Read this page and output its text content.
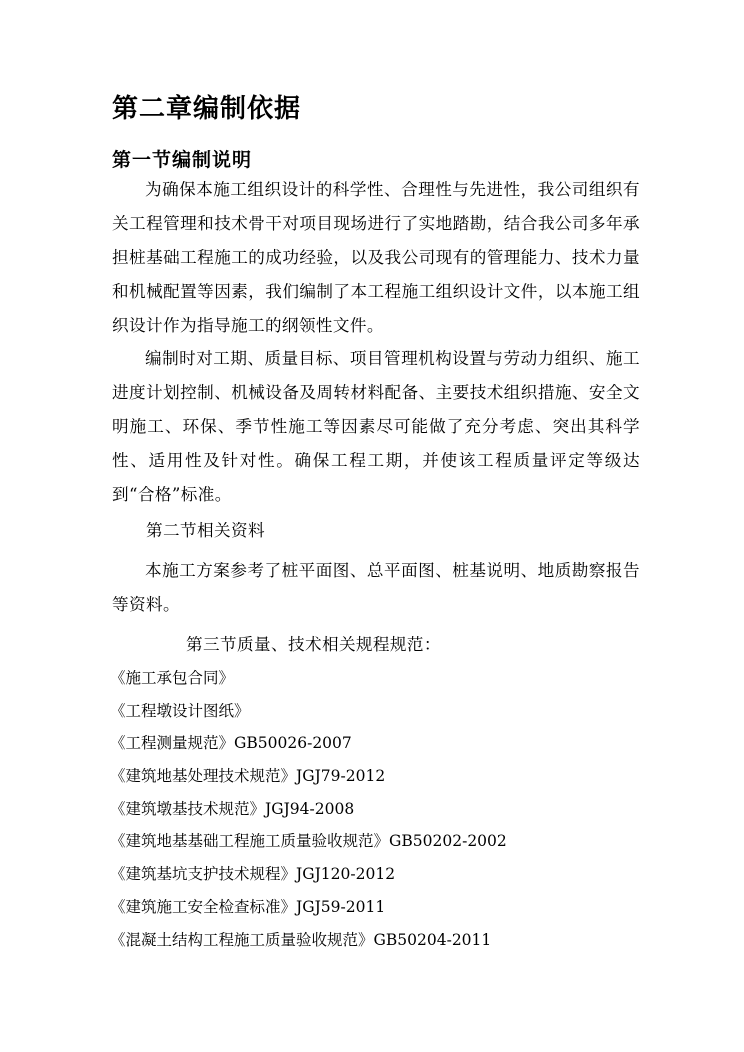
第二章编制依据
第一节编制说明

为确保本施工组织设计的科学性、合理性与先进性，我公司组织有关工程管理和技术骨干对项目现场进行了实地踏勘，结合我公司多年承担桩基础工程施工的成功经验，以及我公司现有的管理能力、技术力量和机械配置等因素，我们编制了本工程施工组织设计文件，以本施工组织设计作为指导施工的纲领性文件。

编制时对工期、质量目标、项目管理机构设置与劳动力组织、施工进度计划控制、机械设备及周转材料配备、主要技术组织措施、安全文明施工、环保、季节性施工等因素尽可能做了充分考虑、突出其科学性、适用性及针对性。确保工程工期，并使该工程质量评定等级达到“合格”标准。

第二节相关资料

本施工方案参考了桩平面图、总平面图、桩基说明、地质勘察报告等资料。

第三节质量、技术相关规程规范：
《施工承包合同》
《工程墩设计图纸》
《工程测量规范》GB50026-2007
《建筑地基处理技术规范》JGJ79-2012
《建筑墩基技术规范》JGJ94-2008
《建筑地基基础工程施工质量验收规范》GB50202-2002
《建筑基坑支护技术规程》JGJ120-2012
《建筑施工安全检查标准》JGJ59-2011
《混凝土结构工程施工质量验收规范》GB50204-2011
